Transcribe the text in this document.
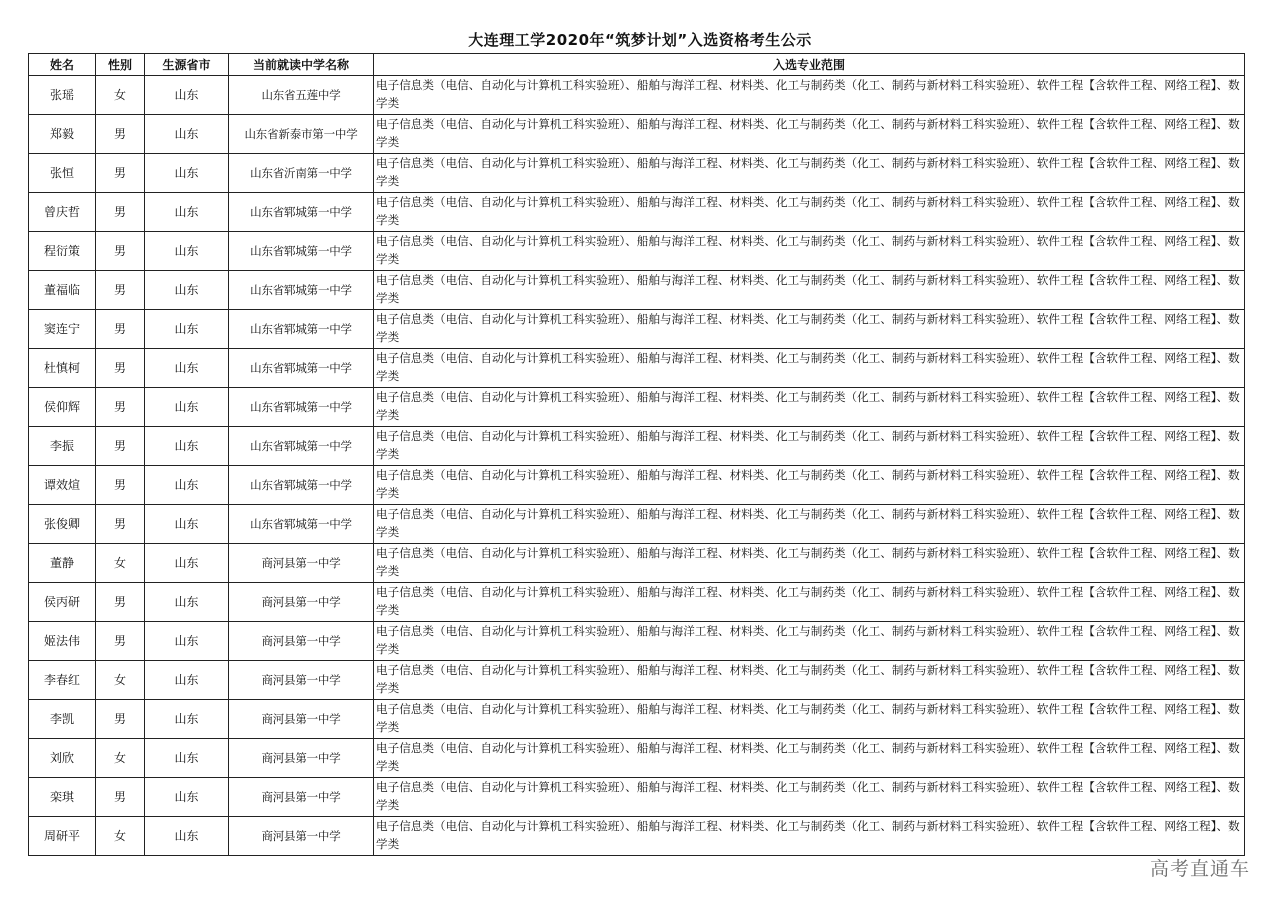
大连理工学2020年“筑梦计划”入选资格考生公示
姓名	性别	生源省市	当前就读中学名称	入选专业范围
张瑶	女	山东	山东省五莲中学	电子信息类（电信、自动化与计算机工科实验班）、船舶与海洋工程、材料类、化工与制药类（化工、制药与新材料工科实验班）、软件工程【含软件工程、网络工程】、数学类
郑毅	男	山东	山东省新泰市第一中学	电子信息类（电信、自动化与计算机工科实验班）、船舶与海洋工程、材料类、化工与制药类（化工、制药与新材料工科实验班）、软件工程【含软件工程、网络工程】、数学类
张恒	男	山东	山东省沂南第一中学	电子信息类（电信、自动化与计算机工科实验班）、船舶与海洋工程、材料类、化工与制药类（化工、制药与新材料工科实验班）、软件工程【含软件工程、网络工程】、数学类
曾庆哲	男	山东	山东省郓城第一中学	电子信息类（电信、自动化与计算机工科实验班）、船舶与海洋工程、材料类、化工与制药类（化工、制药与新材料工科实验班）、软件工程【含软件工程、网络工程】、数学类
程衍策	男	山东	山东省郓城第一中学	电子信息类（电信、自动化与计算机工科实验班）、船舶与海洋工程、材料类、化工与制药类（化工、制药与新材料工科实验班）、软件工程【含软件工程、网络工程】、数学类
董福临	男	山东	山东省郓城第一中学	电子信息类（电信、自动化与计算机工科实验班）、船舶与海洋工程、材料类、化工与制药类（化工、制药与新材料工科实验班）、软件工程【含软件工程、网络工程】、数学类
窦连宁	男	山东	山东省郓城第一中学	电子信息类（电信、自动化与计算机工科实验班）、船舶与海洋工程、材料类、化工与制药类（化工、制药与新材料工科实验班）、软件工程【含软件工程、网络工程】、数学类
杜慎柯	男	山东	山东省郓城第一中学	电子信息类（电信、自动化与计算机工科实验班）、船舶与海洋工程、材料类、化工与制药类（化工、制药与新材料工科实验班）、软件工程【含软件工程、网络工程】、数学类
侯仰辉	男	山东	山东省郓城第一中学	电子信息类（电信、自动化与计算机工科实验班）、船舶与海洋工程、材料类、化工与制药类（化工、制药与新材料工科实验班）、软件工程【含软件工程、网络工程】、数学类
李振	男	山东	山东省郓城第一中学	电子信息类（电信、自动化与计算机工科实验班）、船舶与海洋工程、材料类、化工与制药类（化工、制药与新材料工科实验班）、软件工程【含软件工程、网络工程】、数学类
谭效煊	男	山东	山东省郓城第一中学	电子信息类（电信、自动化与计算机工科实验班）、船舶与海洋工程、材料类、化工与制药类（化工、制药与新材料工科实验班）、软件工程【含软件工程、网络工程】、数学类
张俊卿	男	山东	山东省郓城第一中学	电子信息类（电信、自动化与计算机工科实验班）、船舶与海洋工程、材料类、化工与制药类（化工、制药与新材料工科实验班）、软件工程【含软件工程、网络工程】、数学类
董静	女	山东	商河县第一中学	电子信息类（电信、自动化与计算机工科实验班）、船舶与海洋工程、材料类、化工与制药类（化工、制药与新材料工科实验班）、软件工程【含软件工程、网络工程】、数学类
侯丙研	男	山东	商河县第一中学	电子信息类（电信、自动化与计算机工科实验班）、船舶与海洋工程、材料类、化工与制药类（化工、制药与新材料工科实验班）、软件工程【含软件工程、网络工程】、数学类
姬法伟	男	山东	商河县第一中学	电子信息类（电信、自动化与计算机工科实验班）、船舶与海洋工程、材料类、化工与制药类（化工、制药与新材料工科实验班）、软件工程【含软件工程、网络工程】、数学类
李春红	女	山东	商河县第一中学	电子信息类（电信、自动化与计算机工科实验班）、船舶与海洋工程、材料类、化工与制药类（化工、制药与新材料工科实验班）、软件工程【含软件工程、网络工程】、数学类
李凯	男	山东	商河县第一中学	电子信息类（电信、自动化与计算机工科实验班）、船舶与海洋工程、材料类、化工与制药类（化工、制药与新材料工科实验班）、软件工程【含软件工程、网络工程】、数学类
刘欣	女	山东	商河县第一中学	电子信息类（电信、自动化与计算机工科实验班）、船舶与海洋工程、材料类、化工与制药类（化工、制药与新材料工科实验班）、软件工程【含软件工程、网络工程】、数学类
栾琪	男	山东	商河县第一中学	电子信息类（电信、自动化与计算机工科实验班）、船舶与海洋工程、材料类、化工与制药类（化工、制药与新材料工科实验班）、软件工程【含软件工程、网络工程】、数学类
周研平	女	山东	商河县第一中学	电子信息类（电信、自动化与计算机工科实验班）、船舶与海洋工程、材料类、化工与制药类（化工、制药与新材料工科实验班）、软件工程【含软件工程、网络工程】、数学类
高考直通车
